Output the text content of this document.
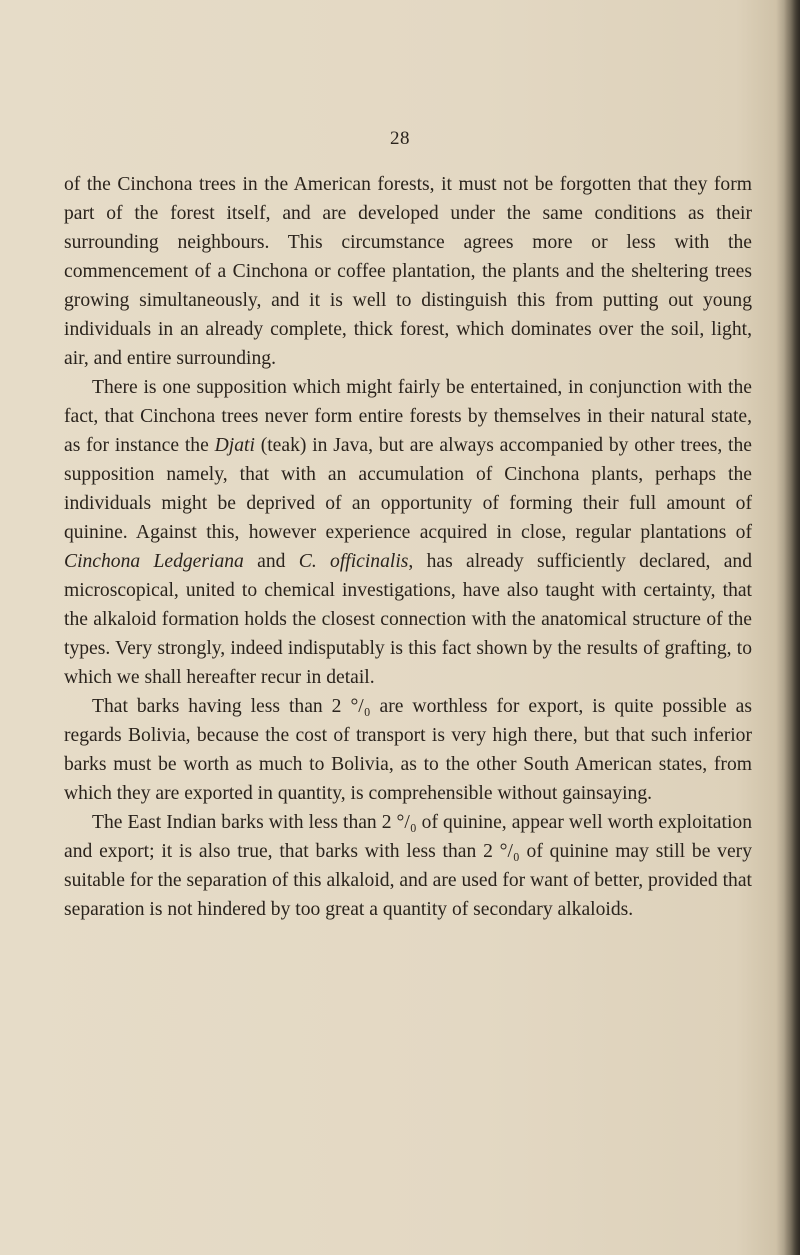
28

of the Cinchona trees in the American forests, it must not be forgotten that they form part of the forest itself, and are developed under the same conditions as their surrounding neighbours. This circumstance agrees more or less with the commencement of a Cinchona or coffee plantation, the plants and the sheltering trees growing simultaneously, and it is well to distinguish this from putting out young individuals in an already complete, thick forest, which dominates over the soil, light, air, and entire surrounding.

There is one supposition which might fairly be entertained, in conjunction with the fact, that Cinchona trees never form entire forests by themselves in their natural state, as for instance the Djati (teak) in Java, but are always accompanied by other trees, the supposition namely, that with an accumulation of Cinchona plants, perhaps the individuals might be deprived of an opportunity of forming their full amount of quinine. Against this, however experience acquired in close, regular plantations of Cinchona Ledgeriana and C. officinalis, has already sufficiently declared, and microscopical, united to chemical investigations, have also taught with certainty, that the alkaloid formation holds the closest connection with the anatomical structure of the types. Very strongly, indeed indisputably is this fact shown by the results of grafting, to which we shall hereafter recur in detail.

That barks having less than 2 °/₀ are worthless for export, is quite possible as regards Bolivia, because the cost of transport is very high there, but that such inferior barks must be worth as much to Bolivia, as to the other South American states, from which they are exported in quantity, is comprehensible without gainsaying.

The East Indian barks with less than 2 °/₀ of quinine, appear well worth exploitation and export; it is also true, that barks with less than 2 °/₀ of quinine may still be very suitable for the separation of this alkaloid, and are used for want of better, provided that separation is not hindered by too great a quantity of secondary alkaloids.
